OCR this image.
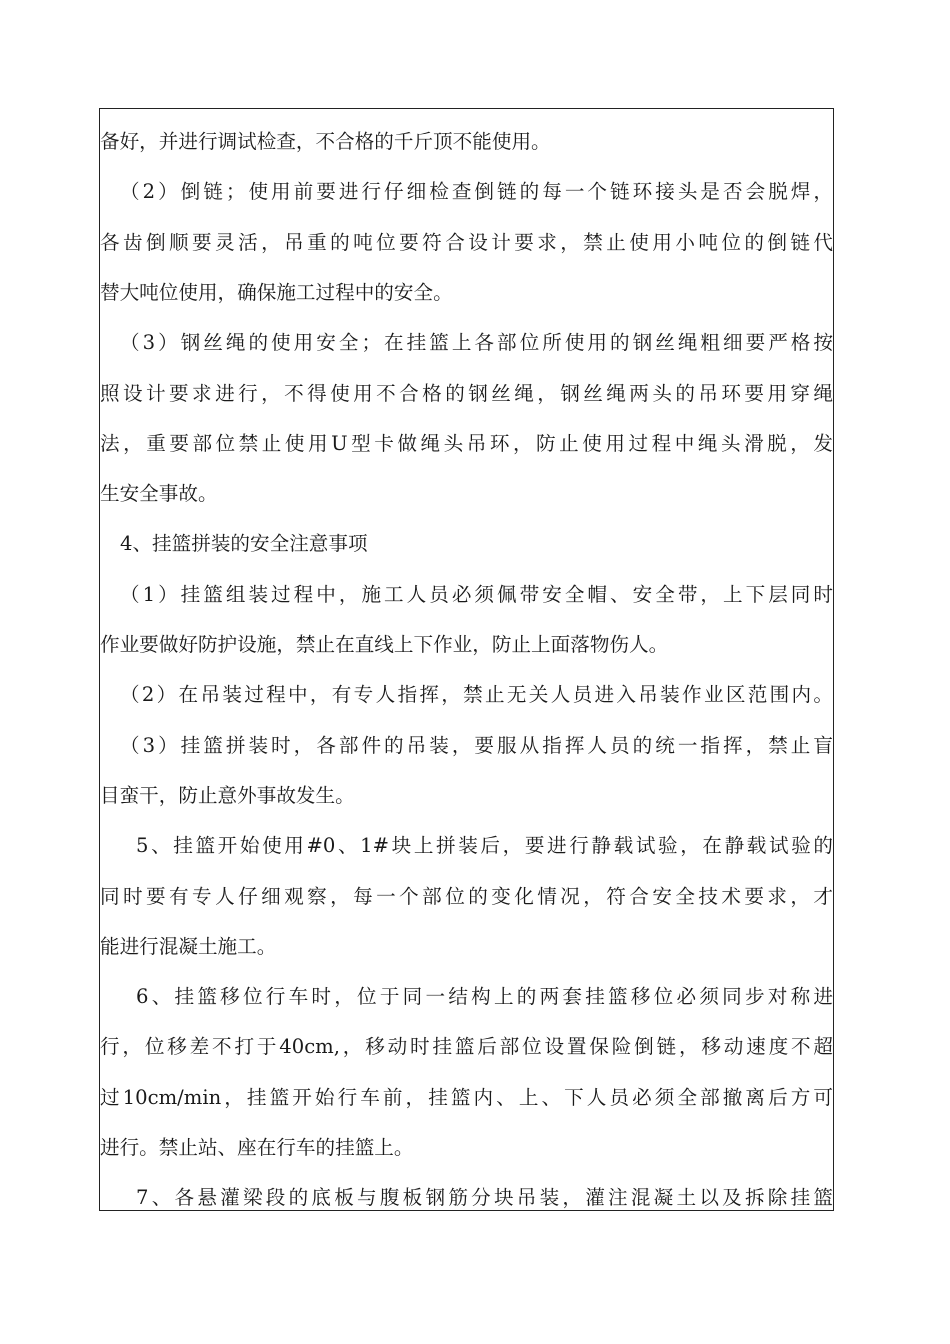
备好，并进行调试检查，不合格的千斤顶不能使用。
（2）倒链；使用前要进行仔细检查倒链的每一个链环接头是否会脱焊，
各齿倒顺要灵活，吊重的吨位要符合设计要求，禁止使用小吨位的倒链代
替大吨位使用，确保施工过程中的安全。
（3）钢丝绳的使用安全；在挂篮上各部位所使用的钢丝绳粗细要严格按
照设计要求进行，不得使用不合格的钢丝绳，钢丝绳两头的吊环要用穿绳
法，重要部位禁止使用U型卡做绳头吊环，防止使用过程中绳头滑脱，发
生安全事故。
4、挂篮拼装的安全注意事项
（1）挂篮组装过程中，施工人员必须佩带安全帽、安全带，上下层同时
作业要做好防护设施，禁止在直线上下作业，防止上面落物伤人。
（2）在吊装过程中，有专人指挥，禁止无关人员进入吊装作业区范围内。
（3）挂篮拼装时，各部件的吊装，要服从指挥人员的统一指挥，禁止盲
目蛮干，防止意外事故发生。
5、挂篮开始使用#0、1#块上拼装后，要进行静载试验，在静载试验的
同时要有专人仔细观察，每一个部位的变化情况，符合安全技术要求，才
能进行混凝土施工。
6、挂篮移位行车时，位于同一结构上的两套挂篮移位必须同步对称进
行，位移差不打于40cm,，移动时挂篮后部位设置保险倒链，移动速度不超
过10cm/min，挂篮开始行车前，挂篮内、上、下人员必须全部撤离后方可
进行。禁止站、座在行车的挂篮上。
7、各悬灌梁段的底板与腹板钢筋分块吊装，灌注混凝土以及拆除挂篮
